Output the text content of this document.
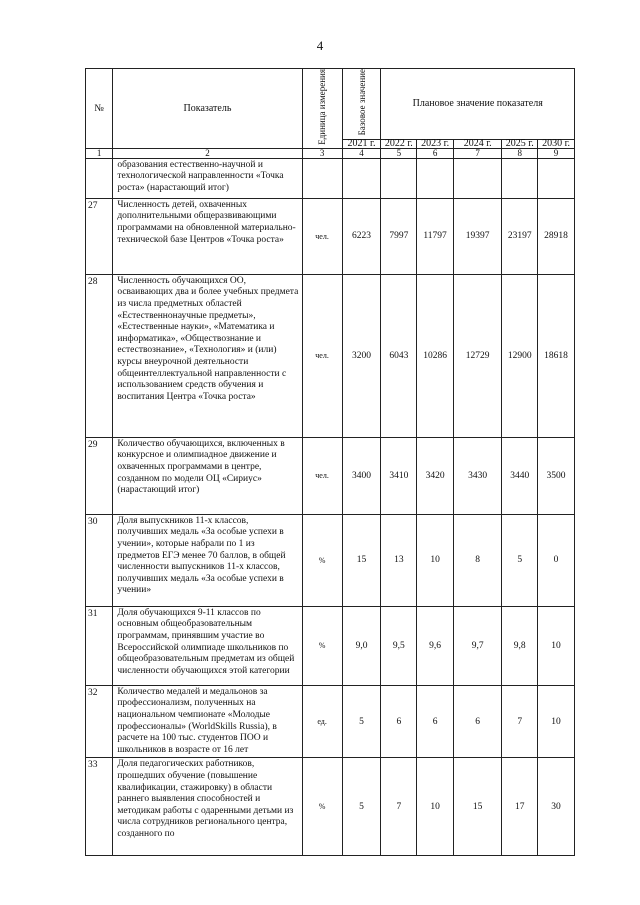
4
№	Показатель	Единица измерения	Базовое значение	Плановое значение показателя				
			2021 г.	2022 г.	2023 г.	2024 г.	2025 г.	2030 г.
1	2	3	4	5	6	7	8	9
	образования естественно-научной и технологической направленности «Точка роста» (нарастающий итог)							
27	Численность детей, охваченных дополнительными общеразвивающими программами на обновленной материально-технической базе Центров «Точка роста»	чел.	6223	7997	11797	19397	23197	28918
28	Численность обучающихся ОО, осваивающих два и более учебных предмета из числа предметных областей «Естественнонаучные предметы», «Естественные науки», «Математика и информатика», «Обществознание и естествознание», «Технология» и (или) курсы внеурочной деятельности общеинтеллектуальной направленности с использованием средств обучения и воспитания Центра «Точка роста»	чел.	3200	6043	10286	12729	12900	18618
29	Количество обучающихся, включенных в конкурсное и олимпиадное движение и охваченных программами в центре, созданном по модели ОЦ «Сириус» (нарастающий итог)	чел.	3400	3410	3420	3430	3440	3500
30	Доля выпускников 11-х классов, получивших медаль «За особые успехи в учении», которые набрали по 1 из предметов ЕГЭ менее 70 баллов, в общей численности выпускников 11-х классов, получивших медаль «За особые успехи в учении»	%	15	13	10	8	5	0
31	Доля обучающихся 9-11 классов по основным общеобразовательным программам, принявшим участие во Всероссийской олимпиаде школьников по общеобразовательным предметам из общей численности обучающихся этой категории	%	9,0	9,5	9,6	9,7	9,8	10
32	Количество медалей и медальонов за профессионализм, полученных на национальном чемпионате «Молодые профессионалы» (WorldSkills Russia), в расчете на 100 тыс. студентов ПОО и школьников в возрасте от 16 лет	ед.	5	6	6	6	7	10
33	Доля педагогических работников, прошедших обучение (повышение квалификации, стажировку) в области раннего выявления способностей и методикам работы с одаренными детьми из числа сотрудников регионального центра, созданного по	%	5	7	10	15	17	30
